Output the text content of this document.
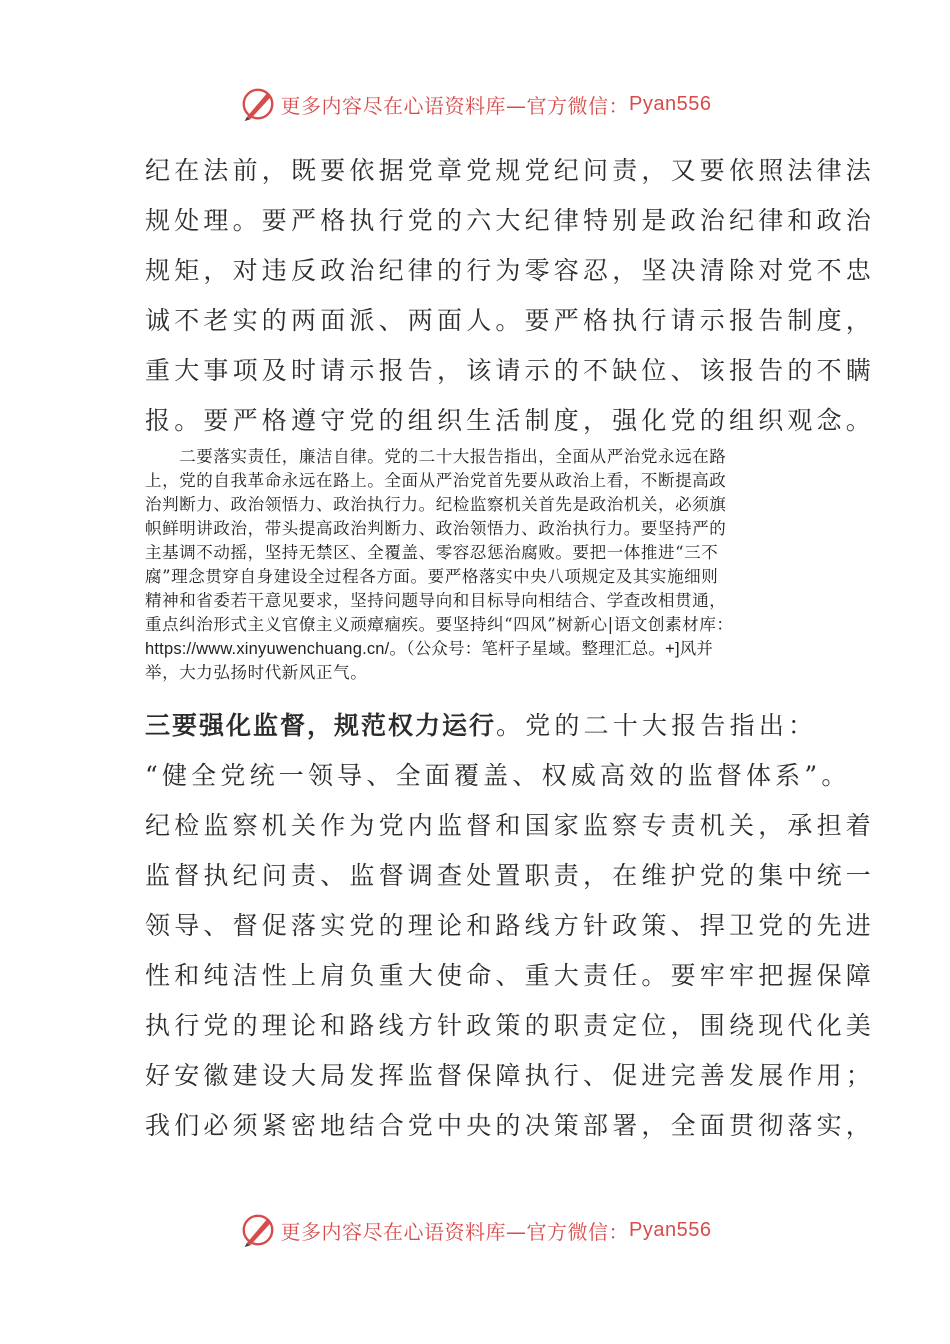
更多内容尽在心语资料库—官方微信： Pyan556

纪在法前，既要依据党章党规党纪问责，又要依照法律法

规处理。要严格执行党的六大纪律特别是政治纪律和政治

规矩，对违反政治纪律的行为零容忍，坚决清除对党不忠

诚不老实的两面派、两面人。要严格执行请示报告制度，

重大事项及时请示报告，该请示的不缺位、该报告的不瞒

报。要严格遵守党的组织生活制度，强化党的组织观念。

　　二要落实责任，廉洁自律。党的二十大报告指出，全面从严治党永远在路

上，党的自我革命永远在路上。全面从严治党首先要从政治上看，不断提高政

治判断力、政治领悟力、政治执行力。纪检监察机关首先是政治机关，必须旗

帜鲜明讲政治，带头提高政治判断力、政治领悟力、政治执行力。要坚持严的

主基调不动摇，坚持无禁区、全覆盖、零容忍惩治腐败。要把一体推进“三不

腐”理念贯穿自身建设全过程各方面。要严格落实中央八项规定及其实施细则

精神和省委若干意见要求，坚持问题导向和目标导向相结合、学查改相贯通，

重点纠治形式主义官僚主义顽瘴痼疾。要坚持纠“四风”树新心|语文创素材库：

https://www.xinyuwenchuang.cn/。（公众号：笔杆子星域。整理汇总。+]风并

举，大力弘扬时代新风正气。

三要强化监督，规范权力运行。党的二十大报告指出：

“健全党统一领导、全面覆盖、权威高效的监督体系”。

纪检监察机关作为党内监督和国家监察专责机关，承担着

监督执纪问责、监督调查处置职责，在维护党的集中统一

领导、督促落实党的理论和路线方针政策、捍卫党的先进

性和纯洁性上肩负重大使命、重大责任。要牢牢把握保障

执行党的理论和路线方针政策的职责定位，围绕现代化美

好安徽建设大局发挥监督保障执行、促进完善发展作用；

我们必须紧密地结合党中央的决策部署，全面贯彻落实，

更多内容尽在心语资料库—官方微信： Pyan556
